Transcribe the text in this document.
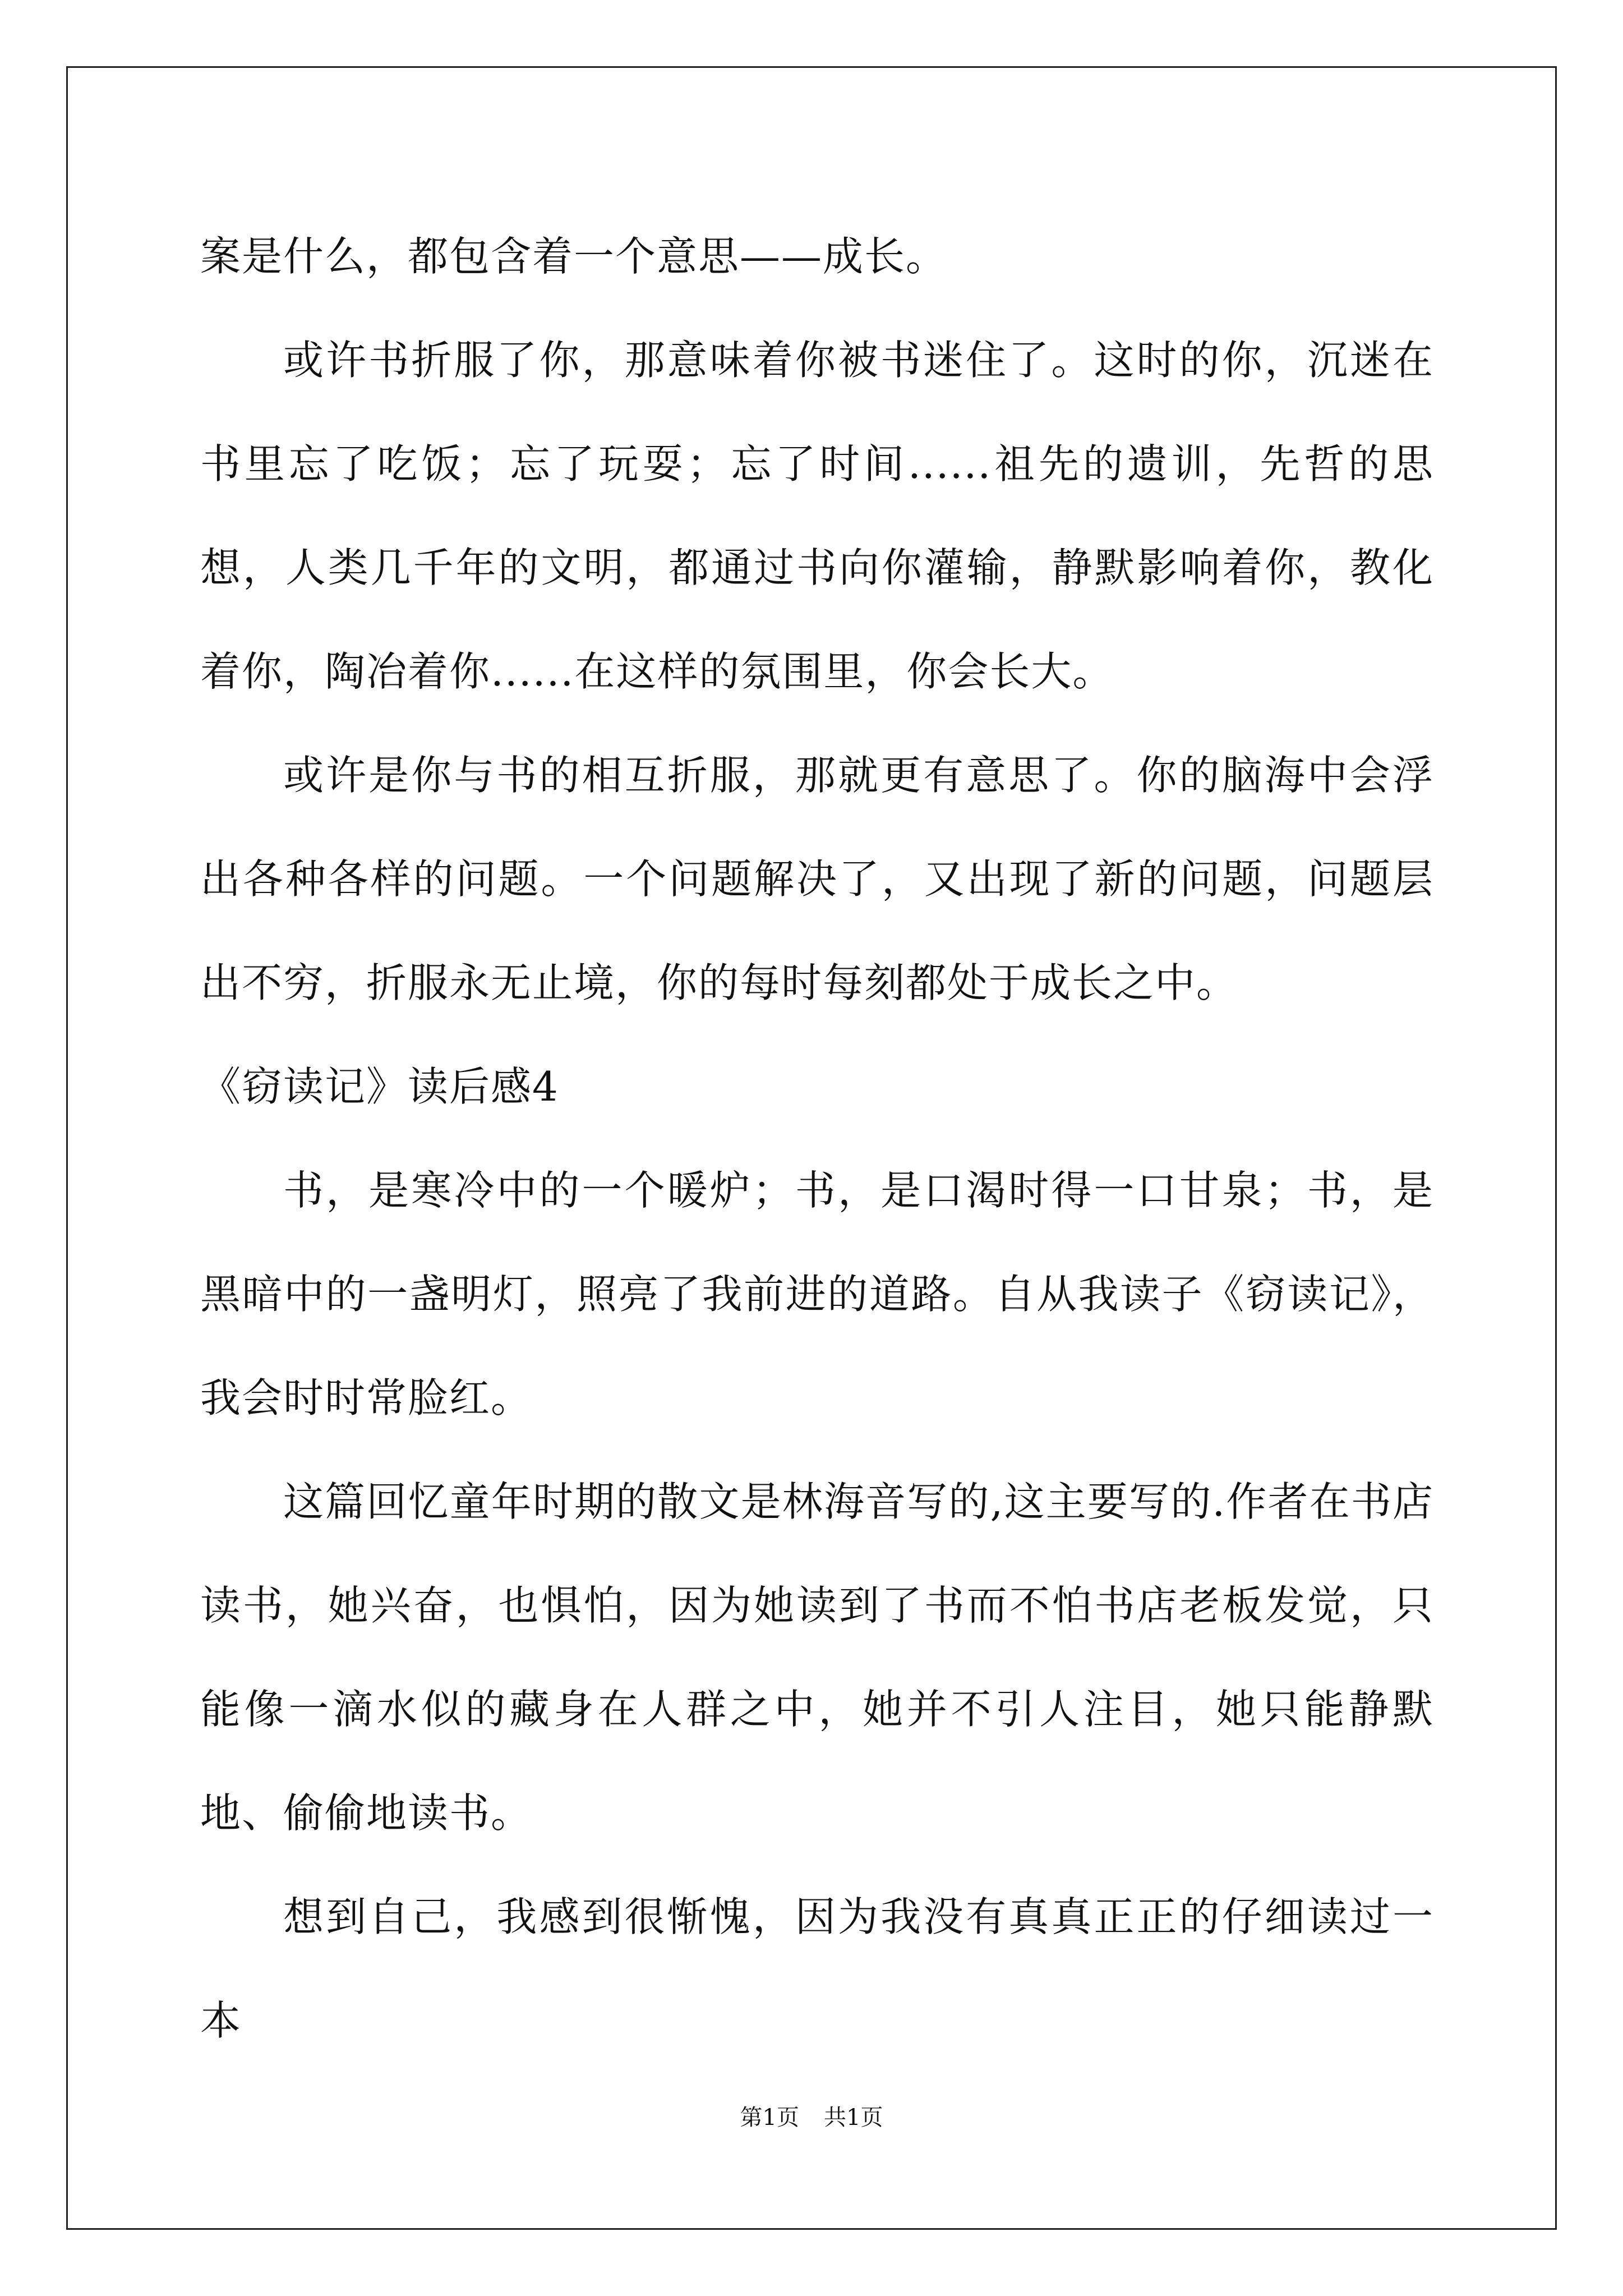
案是什么，都包含着一个意思——成长。

或许书折服了你，那意味着你被书迷住了。这时的你，沉迷在书里忘了吃饭；忘了玩耍；忘了时间......祖先的遗训，先哲的思想，人类几千年的文明，都通过书向你灌输，静默影响着你，教化着你，陶冶着你......在这样的氛围里，你会长大。

或许是你与书的相互折服，那就更有意思了。你的脑海中会浮出各种各样的问题。一个问题解决了，又出现了新的问题，问题层出不穷，折服永无止境，你的每时每刻都处于成长之中。

《窃读记》读后感4

书，是寒冷中的一个暖炉；书，是口渴时得一口甘泉；书，是黑暗中的一盏明灯，照亮了我前进的道路。自从我读子《窃读记》，我会时时常脸红。

这篇回忆童年时期的散文是林海音写的,这主要写的.作者在书店读书，她兴奋，也惧怕，因为她读到了书而不怕书店老板发觉，只能像一滴水似的藏身在人群之中，她并不引人注目，她只能静默地、偷偷地读书。

想到自己，我感到很惭愧，因为我没有真真正正的仔细读过一本

第1页 共1页
